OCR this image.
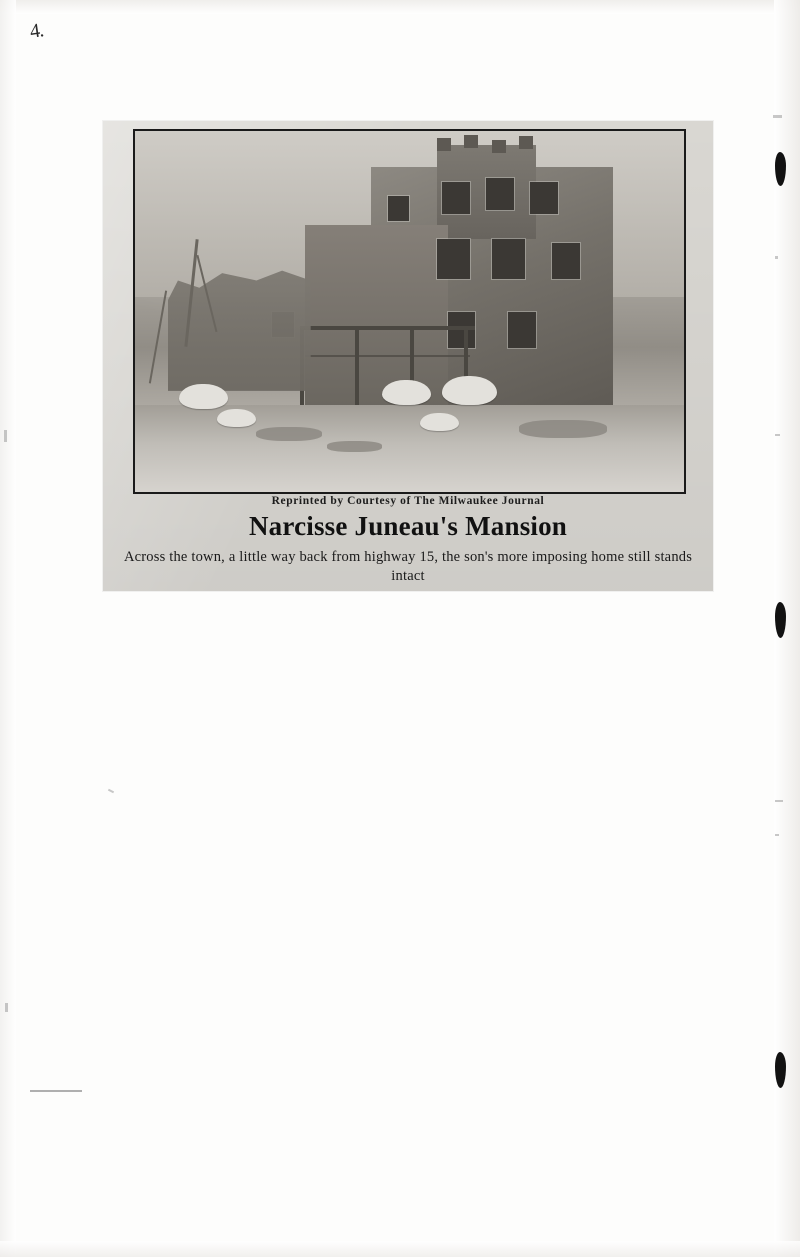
4.
Reprinted by Courtesy of The Milwaukee Journal
Narcisse Juneau's Mansion
Across the town, a little way back from highway 15, the son's more imposing home still stands intact
